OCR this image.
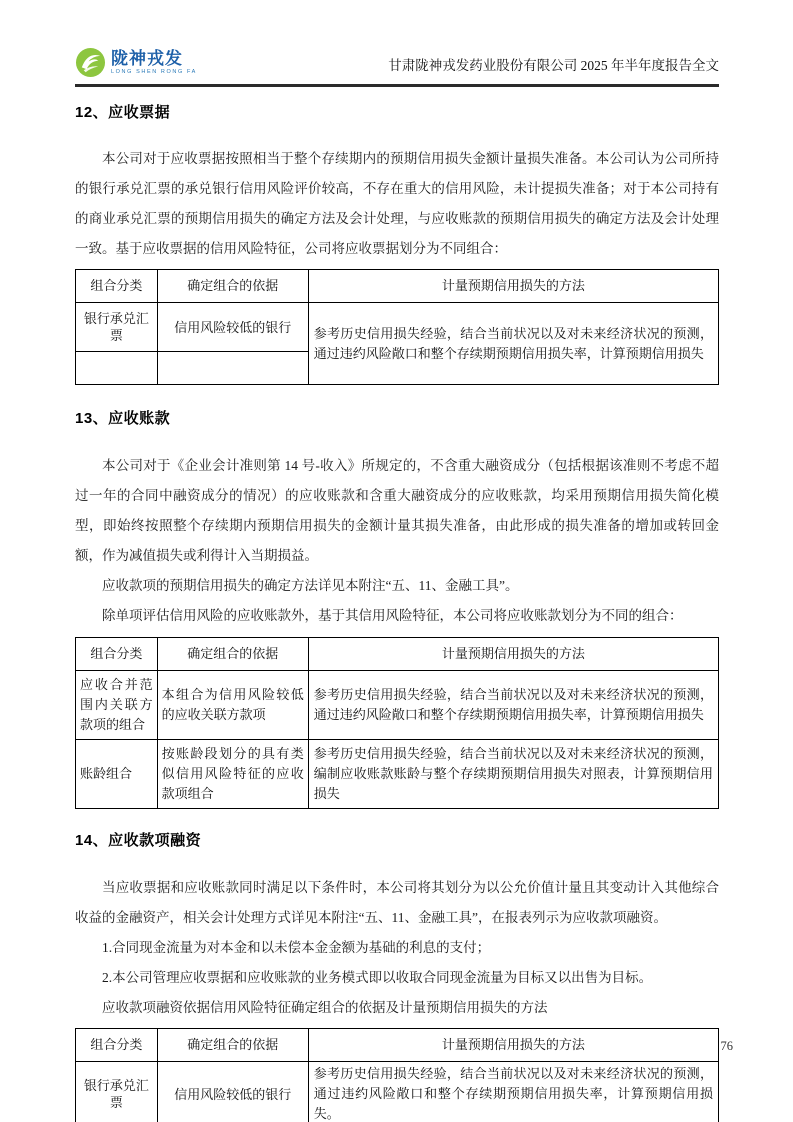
陇神戎发
LONG SHEN RONG FA	甘肃陇神戎发药业股份有限公司 2025 年半年度报告全文
12、应收票据

本公司对于应收票据按照相当于整个存续期内的预期信用损失金额计量损失准备。本公司认为公司所持的银行承兑汇票的承兑银行信用风险评价较高，不存在重大的信用风险，未计提损失准备；对于本公司持有的商业承兑汇票的预期信用损失的确定方法及会计处理，与应收账款的预期信用损失的确定方法及会计处理一致。基于应收票据的信用风险特征，公司将应收票据划分为不同组合：

组合分类	确定组合的依据	计量预期信用损失的方法
银行承兑汇票	信用风险较低的银行	参考历史信用损失经验，结合当前状况以及对未来经济状况的预测，通过违约风险敞口和整个存续期预期信用损失率，计算预期信用损失

13、应收账款

本公司对于《企业会计准则第 14 号-收入》所规定的，不含重大融资成分（包括根据该准则不考虑不超过一年的合同中融资成分的情况）的应收账款和含重大融资成分的应收账款，均采用预期信用损失简化模型，即始终按照整个存续期内预期信用损失的金额计量其损失准备，由此形成的损失准备的增加或转回金额，作为减值损失或利得计入当期损益。

应收款项的预期信用损失的确定方法详见本附注“五、11、金融工具”。

除单项评估信用风险的应收账款外，基于其信用风险特征，本公司将应收账款划分为不同的组合：

组合分类	确定组合的依据	计量预期信用损失的方法
应收合并范围内关联方款项的组合	本组合为信用风险较低的应收关联方款项	参考历史信用损失经验，结合当前状况以及对未来经济状况的预测，通过违约风险敞口和整个存续期预期信用损失率，计算预期信用损失
账龄组合	按账龄段划分的具有类似信用风险特征的应收款项组合	参考历史信用损失经验，结合当前状况以及对未来经济状况的预测，编制应收账款账龄与整个存续期预期信用损失对照表，计算预期信用损失
14、应收款项融资

当应收票据和应收账款同时满足以下条件时，本公司将其划分为以公允价值计量且其变动计入其他综合收益的金融资产，相关会计处理方式详见本附注“五、11、金融工具”，在报表列示为应收款项融资。

1.合同现金流量为对本金和以未偿本金金额为基础的利息的支付；

2.本公司管理应收票据和应收账款的业务模式即以收取合同现金流量为目标又以出售为目标。

应收款项融资依据信用风险特征确定组合的依据及计量预期信用损失的方法

组合分类	确定组合的依据	计量预期信用损失的方法
银行承兑汇票	信用风险较低的银行	参考历史信用损失经验，结合当前状况以及对未来经济状况的预测，通过违约风险敞口和整个存续期预期信用损失率，计算预期信用损失。
76
